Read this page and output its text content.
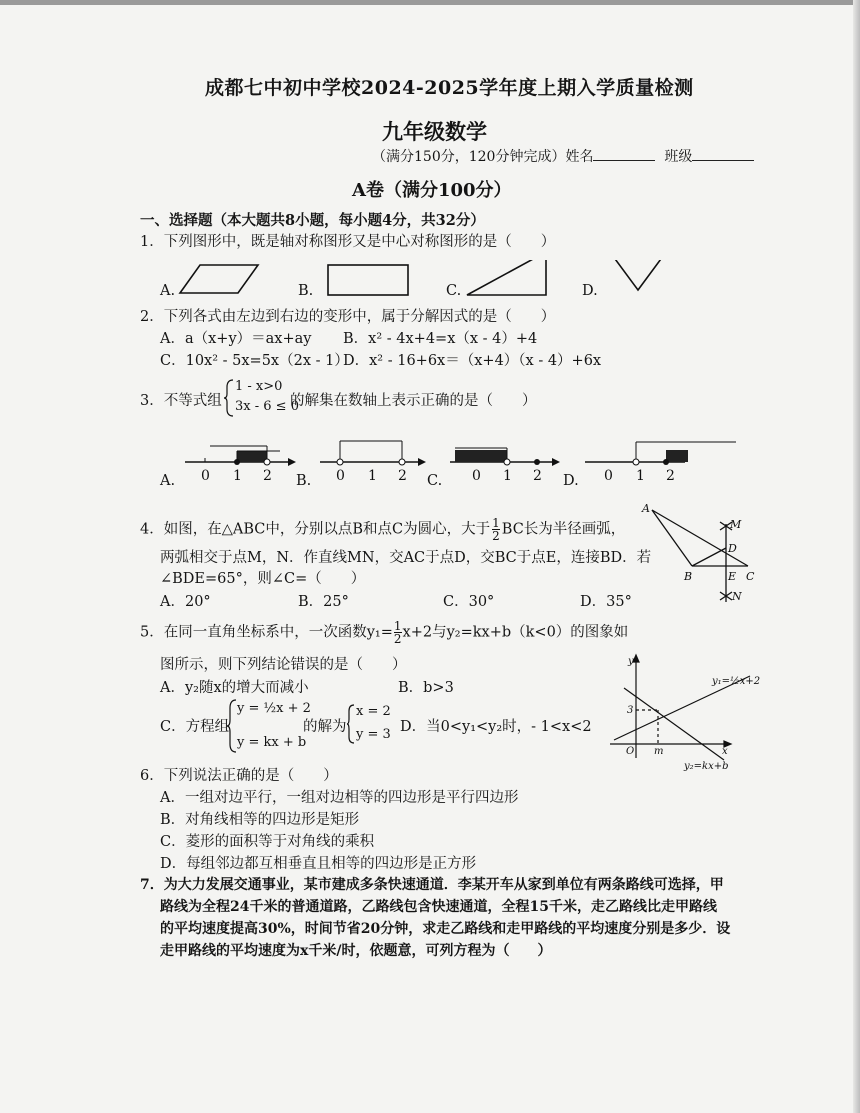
成都七中初中学校2024-2025学年度上期入学质量检测
九年级数学
（满分150分，120分钟完成）姓名	班级
A卷（满分100分）
一、选择题（本大题共8小题，每小题4分，共32分）
1．下列图形中，既是轴对称图形又是中心对称图形的是（　　）
A.	B.	C.	D.
2．下列各式由左边到右边的变形中，属于分解因式的是（　　）
A．a（x+y）＝ax+ay B．x² - 4x+4=x（x - 4）+4
C．10x² - 5x=5x（2x - 1）
D．x² - 16+6x＝（x+4）（x - 4）+6x
3．不等式组
1 - x>0
3x - 6 ≤ 0
的解集在数轴上表示正确的是（　　）
A.	B.	C.	D.
0 1 2	0 1 2	0 1 2	0 1 2
4．如图，在△ABC中，分别以点B和点C为圆心，大于 $\frac{1}{2}$ BC长为半径画弧，
两弧相交于点M，N．作直线MN，交AC于点D，交BC于点E，连接BD．若
∠BDE=65°，则∠C=（　　）
A．20°	B．25°	C．30°	D．35°
A
M
D
B	E C
N
5．在同一直角坐标系中，一次函数$y_1= \frac{1}{2} x+2$与y₂=kx+b（k<0）的图象如
图所示，则下列结论错误的是（　　）
A．y₂随x的增大而减小	B．b>3
C．方程组
y = ½x + 2
y = kx + b
的解为
x = 2
y = 3 D．当0<y₁<y₂时，- 1<x<2
y
x
O m
3
y₁=½x+2
y₂=kx+b
6．下列说法正确的是（　　）
A．一组对边平行，一组对边相等的四边形是平行四边形
B．对角线相等的四边形是矩形
C．菱形的面积等于对角线的乘积
D．每组邻边都互相垂直且相等的四边形是正方形
7．为大力发展交通事业，某市建成多条快速通道．李某开车从家到单位有两条路线可选择，甲
路线为全程24千米的普通道路，乙路线包含快速通道，全程15千米，走乙路线比走甲路线
的平均速度提高30%，时间节省20分钟，求走乙路线和走甲路线的平均速度分别是多少．设
走甲路线的平均速度为x千米/时，依题意，可列方程为（　　）
